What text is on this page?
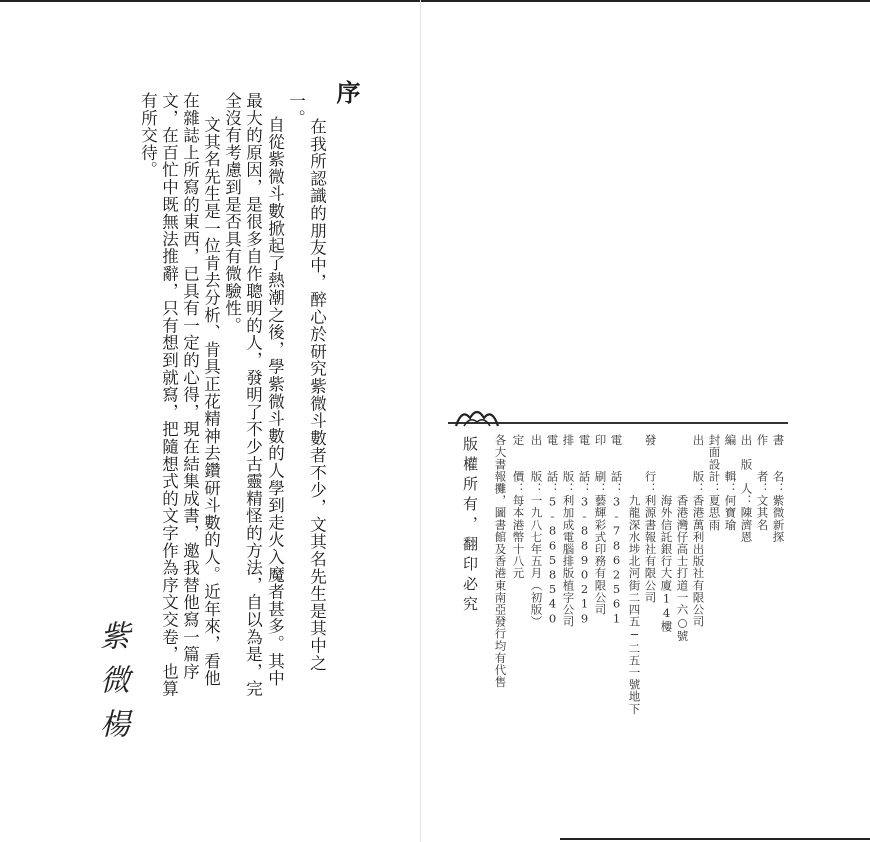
序
在我所認識的朋友中，醉心於研究紫微斗數者不少，文其名先生是其中之
一。
自從紫微斗數掀起了熱潮之後，學紫微斗數的人學到走火入魔者甚多。其中
最大的原因，是很多自作聰明的人，發明了不少古靈精怪的方法，自以為是，完
全沒有考慮到是否具有微驗性。
文其名先生是一位肯去分析、肯具正花精神去鑽研斗數的人。近年來，看他
在雜誌上所寫的東西，已具有一定的心得，現在結集成書，邀我替他寫一篇序
文，在百忙中既無法推辭，只有想到就寫，把隨想式的文字作為序文交卷，也算
有所交待。
紫微楊
書　　名：紫微新探
作　　者：文其名
出　版　人：陳濟恩
編　　輯：何寶瑜
封面設計：夏思雨
出　　版：香港萬利出版社有限公司
　　　　　香港灣仔高士打道一六○號
　　　　　海外信託銀行大廈14樓
發　　行：利源書報社有限公司
　　　　　九龍深水埗北河街二四五─二五一號地下
電　　話：3-7862561
印　　刷：藝輝彩式印務有限公司
電　　話：3-8890219
排　　版：利加成電腦排版植字公司
電　　話：5-8658540
出　　版：一九八七年五月（初版）
定　　價：每本港幣十八元
各大書報攤，圖書館及香港東南亞發行均有代售
版權所有，翻印必究
